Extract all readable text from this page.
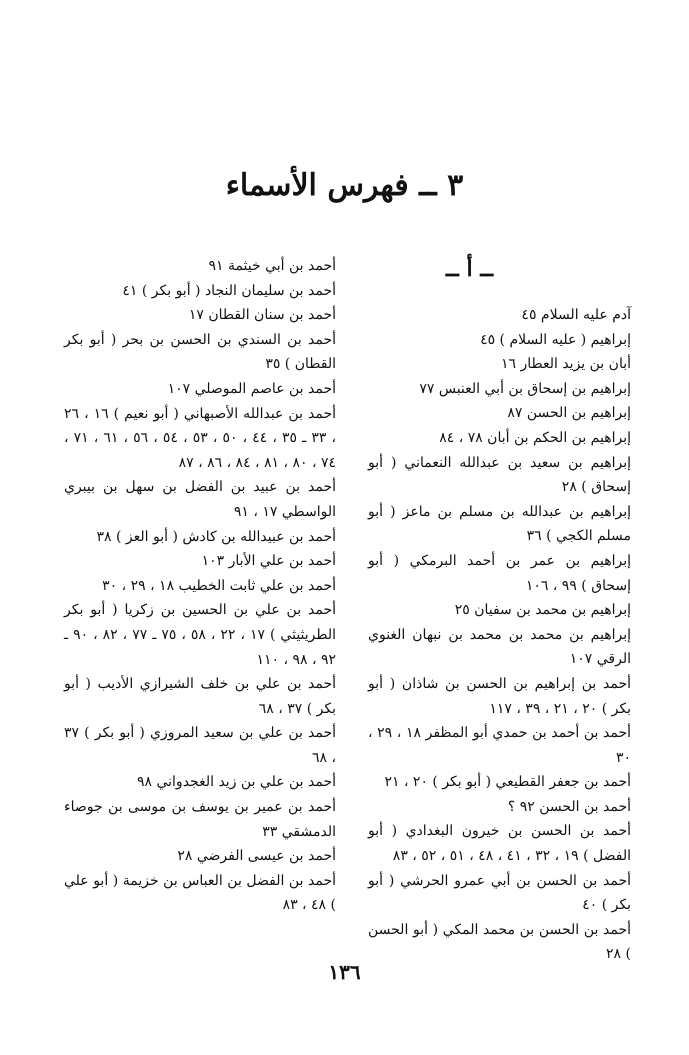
٣ ــ فهرس الأسماء
ــ أ ــ

آدم عليه السلام ٤٥

إبراهيم ( عليه السلام ) ٤٥

أبان بن يزيد العطار ١٦

إبراهيم بن إسحاق بن أبي العنبس ٧٧

إبراهيم بن الحسن ٨٧

إبراهيم بن الحكم بن أبان ٧٨ ، ٨٤

إبراهيم بن سعيد بن عبدالله النعماني ( أبو إسحاق ) ٢٨

إبراهيم بن عبدالله بن مسلم بن ماعز ( أبو مسلم الكجي ) ٣٦

إبراهيم بن عمر بن أحمد البرمكي ( أبو إسحاق ) ٩٩ ، ١٠٦

إبراهيم بن محمد بن سفيان ٢٥

إبراهيم بن محمد بن محمد بن نبهان الغنوي الرقي ١٠٧

أحمد بن إبراهيم بن الحسن بن شاذان ( أبو بكر ) ٢٠ ، ٢١ ، ٣٩ ، ١١٧

أحمد بن أحمد بن حمدي أبو المظفر ١٨ ، ٢٩ ، ٣٠

أحمد بن جعفر القطيعي ( أبو بكر ) ٢٠ ، ٢١

أحمد بن الحسن ٩٢ ؟

أحمد بن الحسن بن خيرون البغدادي ( أبو الفضل ) ١٩ ، ٣٢ ، ٤١ ، ٤٨ ، ٥١ ، ٥٢ ، ٨٣

أحمد بن الحسن بن أبي عمرو الحرشي ( أبو بكر ) ٤٠

أحمد بن الحسن بن محمد المكي ( أبو الحسن ) ٢٨

أحمد بن أبي خيثمة ٩١

أحمد بن سليمان النجاد ( أبو بكر ) ٤١

أحمد بن سنان القطان ١٧

أحمد بن السندي بن الحسن بن بحر ( أبو بكر القطان ) ٣٥

أحمد بن عاصم الموصلي ١٠٧

أحمد بن عبدالله الأصبهاني ( أبو نعيم ) ١٦ ، ٢٦ ، ٣٣ ـ ٣٥ ، ٤٤ ، ٥٠ ، ٥٣ ، ٥٤ ، ٥٦ ، ٦١ ، ٧١ ، ٧٤ ، ٨٠ ، ٨١ ، ٨٤ ، ٨٦ ، ٨٧

أحمد بن عبيد بن الفضل بن سهل بن بيبري الواسطي ١٧ ، ٩١

أحمد بن عبيدالله بن كادش ( أبو العز ) ٣٨

أحمد بن علي الأبار ١٠٣

أحمد بن علي ثابت الخطيب ١٨ ، ٢٩ ، ٣٠

أحمد بن علي بن الحسين بن زكريا ( أبو بكر الطريثيثي ) ١٧ ، ٢٢ ، ٥٨ ، ٧٥ ـ ٧٧ ، ٨٢ ، ٩٠ ـ ٩٢ ، ٩٨ ، ١١٠

أحمد بن علي بن خلف الشيرازي الأديب ( أبو بكر ) ٣٧ ، ٦٨

أحمد بن علي بن سعيد المروزي ( أبو بكر ) ٣٧ ، ٦٨

أحمد بن علي بن زيد الغجدواني ٩٨

أحمد بن عمير بن يوسف بن موسى بن جوصاء الدمشقي ٣٣

أحمد بن عيسى الفرضي ٢٨

أحمد بن الفضل بن العباس بن خزيمة ( أبو علي ) ٤٨ ، ٨٣

١٣٦
